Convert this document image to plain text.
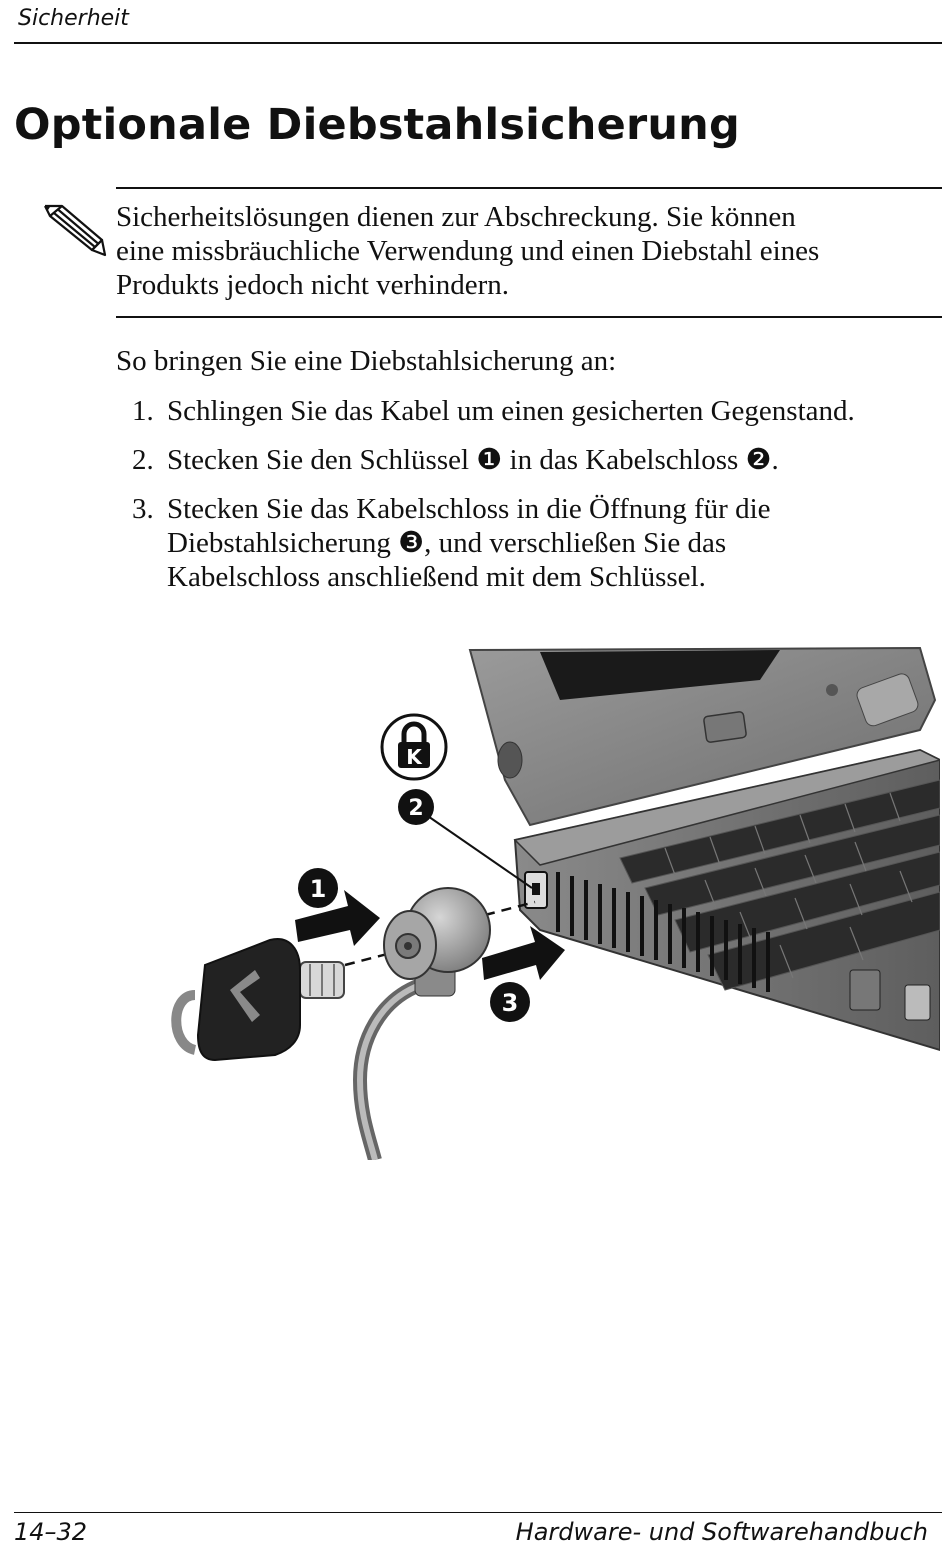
Sicherheit
Optionale Diebstahlsicherung

Sicherheitslösungen dienen zur Abschreckung. Sie können
eine missbräuchliche Verwendung und einen Diebstahl eines
Produkts jedoch nicht verhindern.

So bringen Sie eine Diebstahlsicherung an:

1. Schlingen Sie das Kabel um einen gesicherten Gegenstand.
2. Stecken Sie den Schlüssel ❶ in das Kabelschloss ❷.
3. Stecken Sie das Kabelschloss in die Öffnung für die
Diebstahlsicherung ❸, und verschließen Sie das
Kabelschloss anschließend mit dem Schlüssel.
K
2
1
3
14–32	Hardware- und Softwarehandbuch
